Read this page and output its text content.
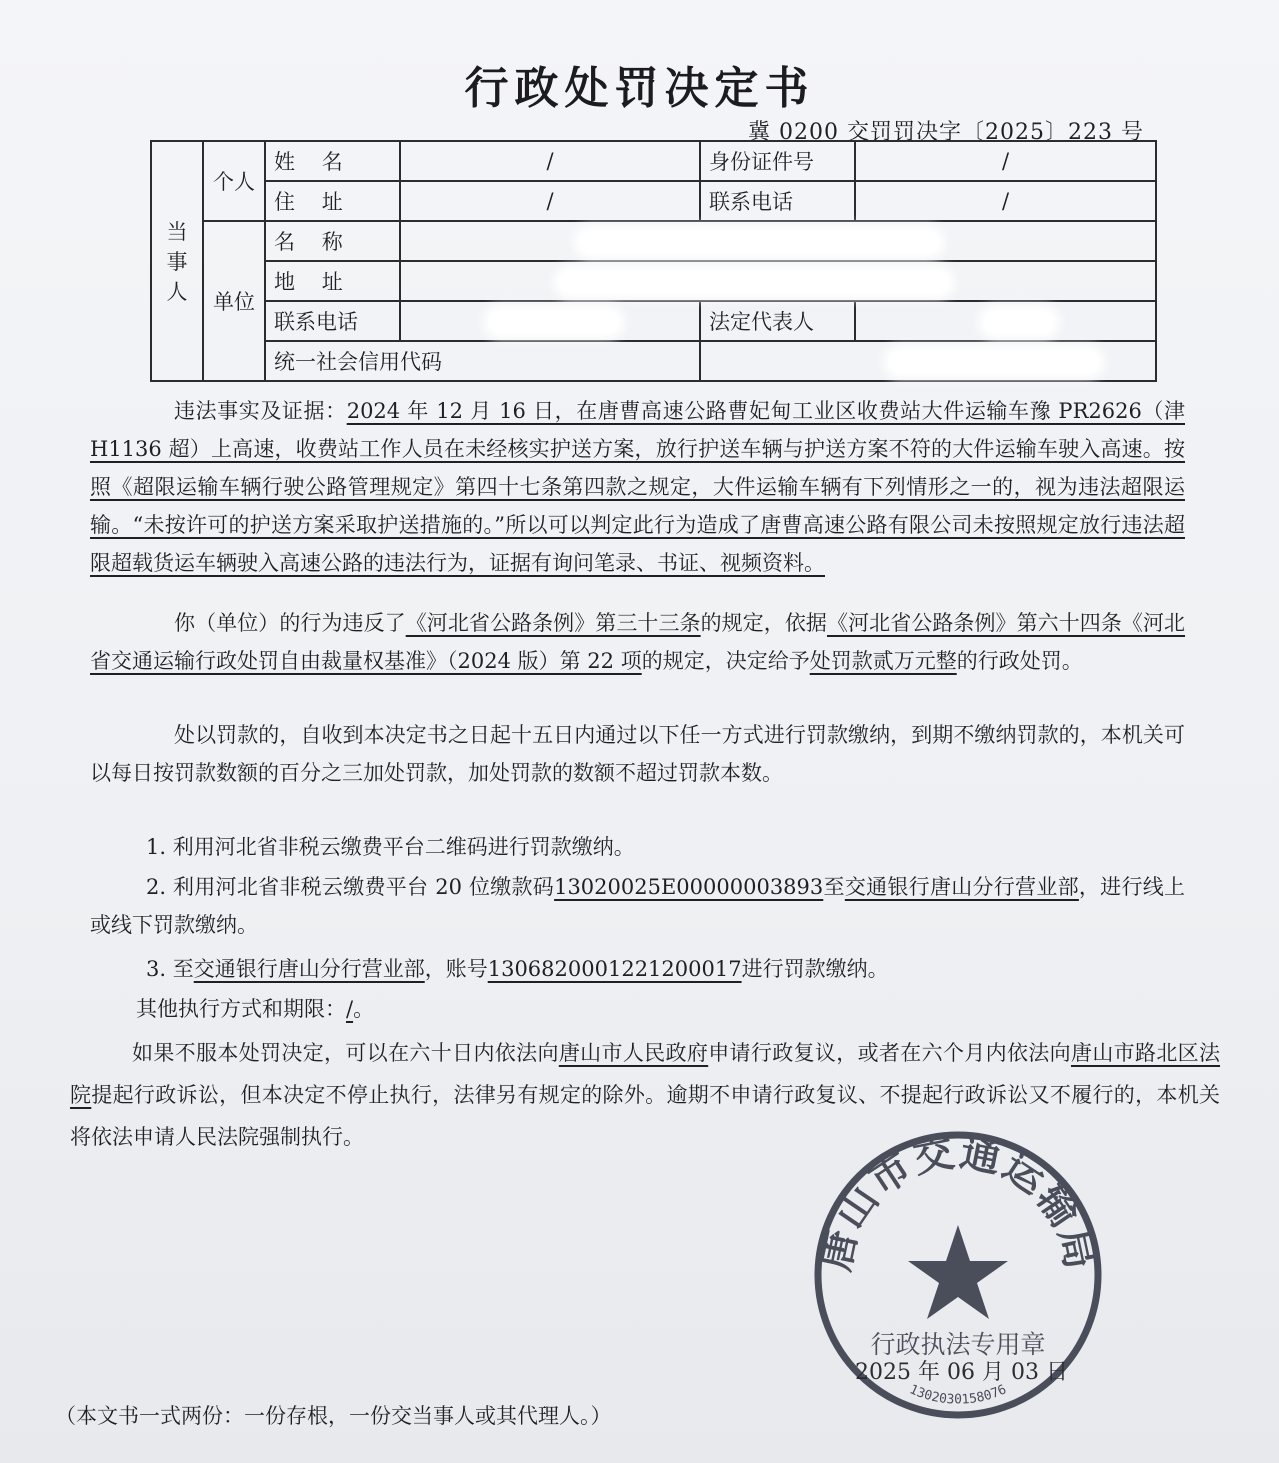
行政处罚决定书
冀 0200 交罚罚决字〔2025〕223 号
当事人	个人	姓    名	/	身份证件号	/
		住    址	/	联系电话	/
	单位	名    称			
		地    址			
		联系电话		法定代表人	
		统一社会信用代码			
违法事实及证据：2024 年 12 月 16 日，在唐曹高速公路曹妃甸工业区收费站大件运输车豫 PR2626（津 H1136 超）上高速，收费站工作人员在未经核实护送方案，放行护送车辆与护送方案不符的大件运输车驶入高速。按照《超限运输车辆行驶公路管理规定》第四十七条第四款之规定，大件运输车辆有下列情形之一的，视为违法超限运输。“未按许可的护送方案采取护送措施的。”所以可以判定此行为造成了唐曹高速公路有限公司未按照规定放行违法超限超载货运车辆驶入高速公路的违法行为，证据有询问笔录、书证、视频资料。
你（单位）的行为违反了《河北省公路条例》第三十三条的规定，依据《河北省公路条例》第六十四条《河北省交通运输行政处罚自由裁量权基准》（2024 版）第 22 项的规定，决定给予处罚款贰万元整的行政处罚。
处以罚款的，自收到本决定书之日起十五日内通过以下任一方式进行罚款缴纳，到期不缴纳罚款的，本机关可以每日按罚款数额的百分之三加处罚款，加处罚款的数额不超过罚款本数。
1. 利用河北省非税云缴费平台二维码进行罚款缴纳。
2. 利用河北省非税云缴费平台 20 位缴款码13020025E00000003893至交通银行唐山分行营业部，进行线上或线下罚款缴纳。
3. 至交通银行唐山分行营业部，账号1306820001221200017进行罚款缴纳。
其他执行方式和期限：/。
如果不服本处罚决定，可以在六十日内依法向唐山市人民政府申请行政复议，或者在六个月内依法向唐山市路北区法院提起行政诉讼，但本决定不停止执行，法律另有规定的除外。逾期不申请行政复议、不提起行政诉讼又不履行的，本机关将依法申请人民法院强制执行。
唐山市交通运输局
行政执法专用章
1302030158076
2025 年 06 月 03 日
（本文书一式两份：一份存根，一份交当事人或其代理人。）
